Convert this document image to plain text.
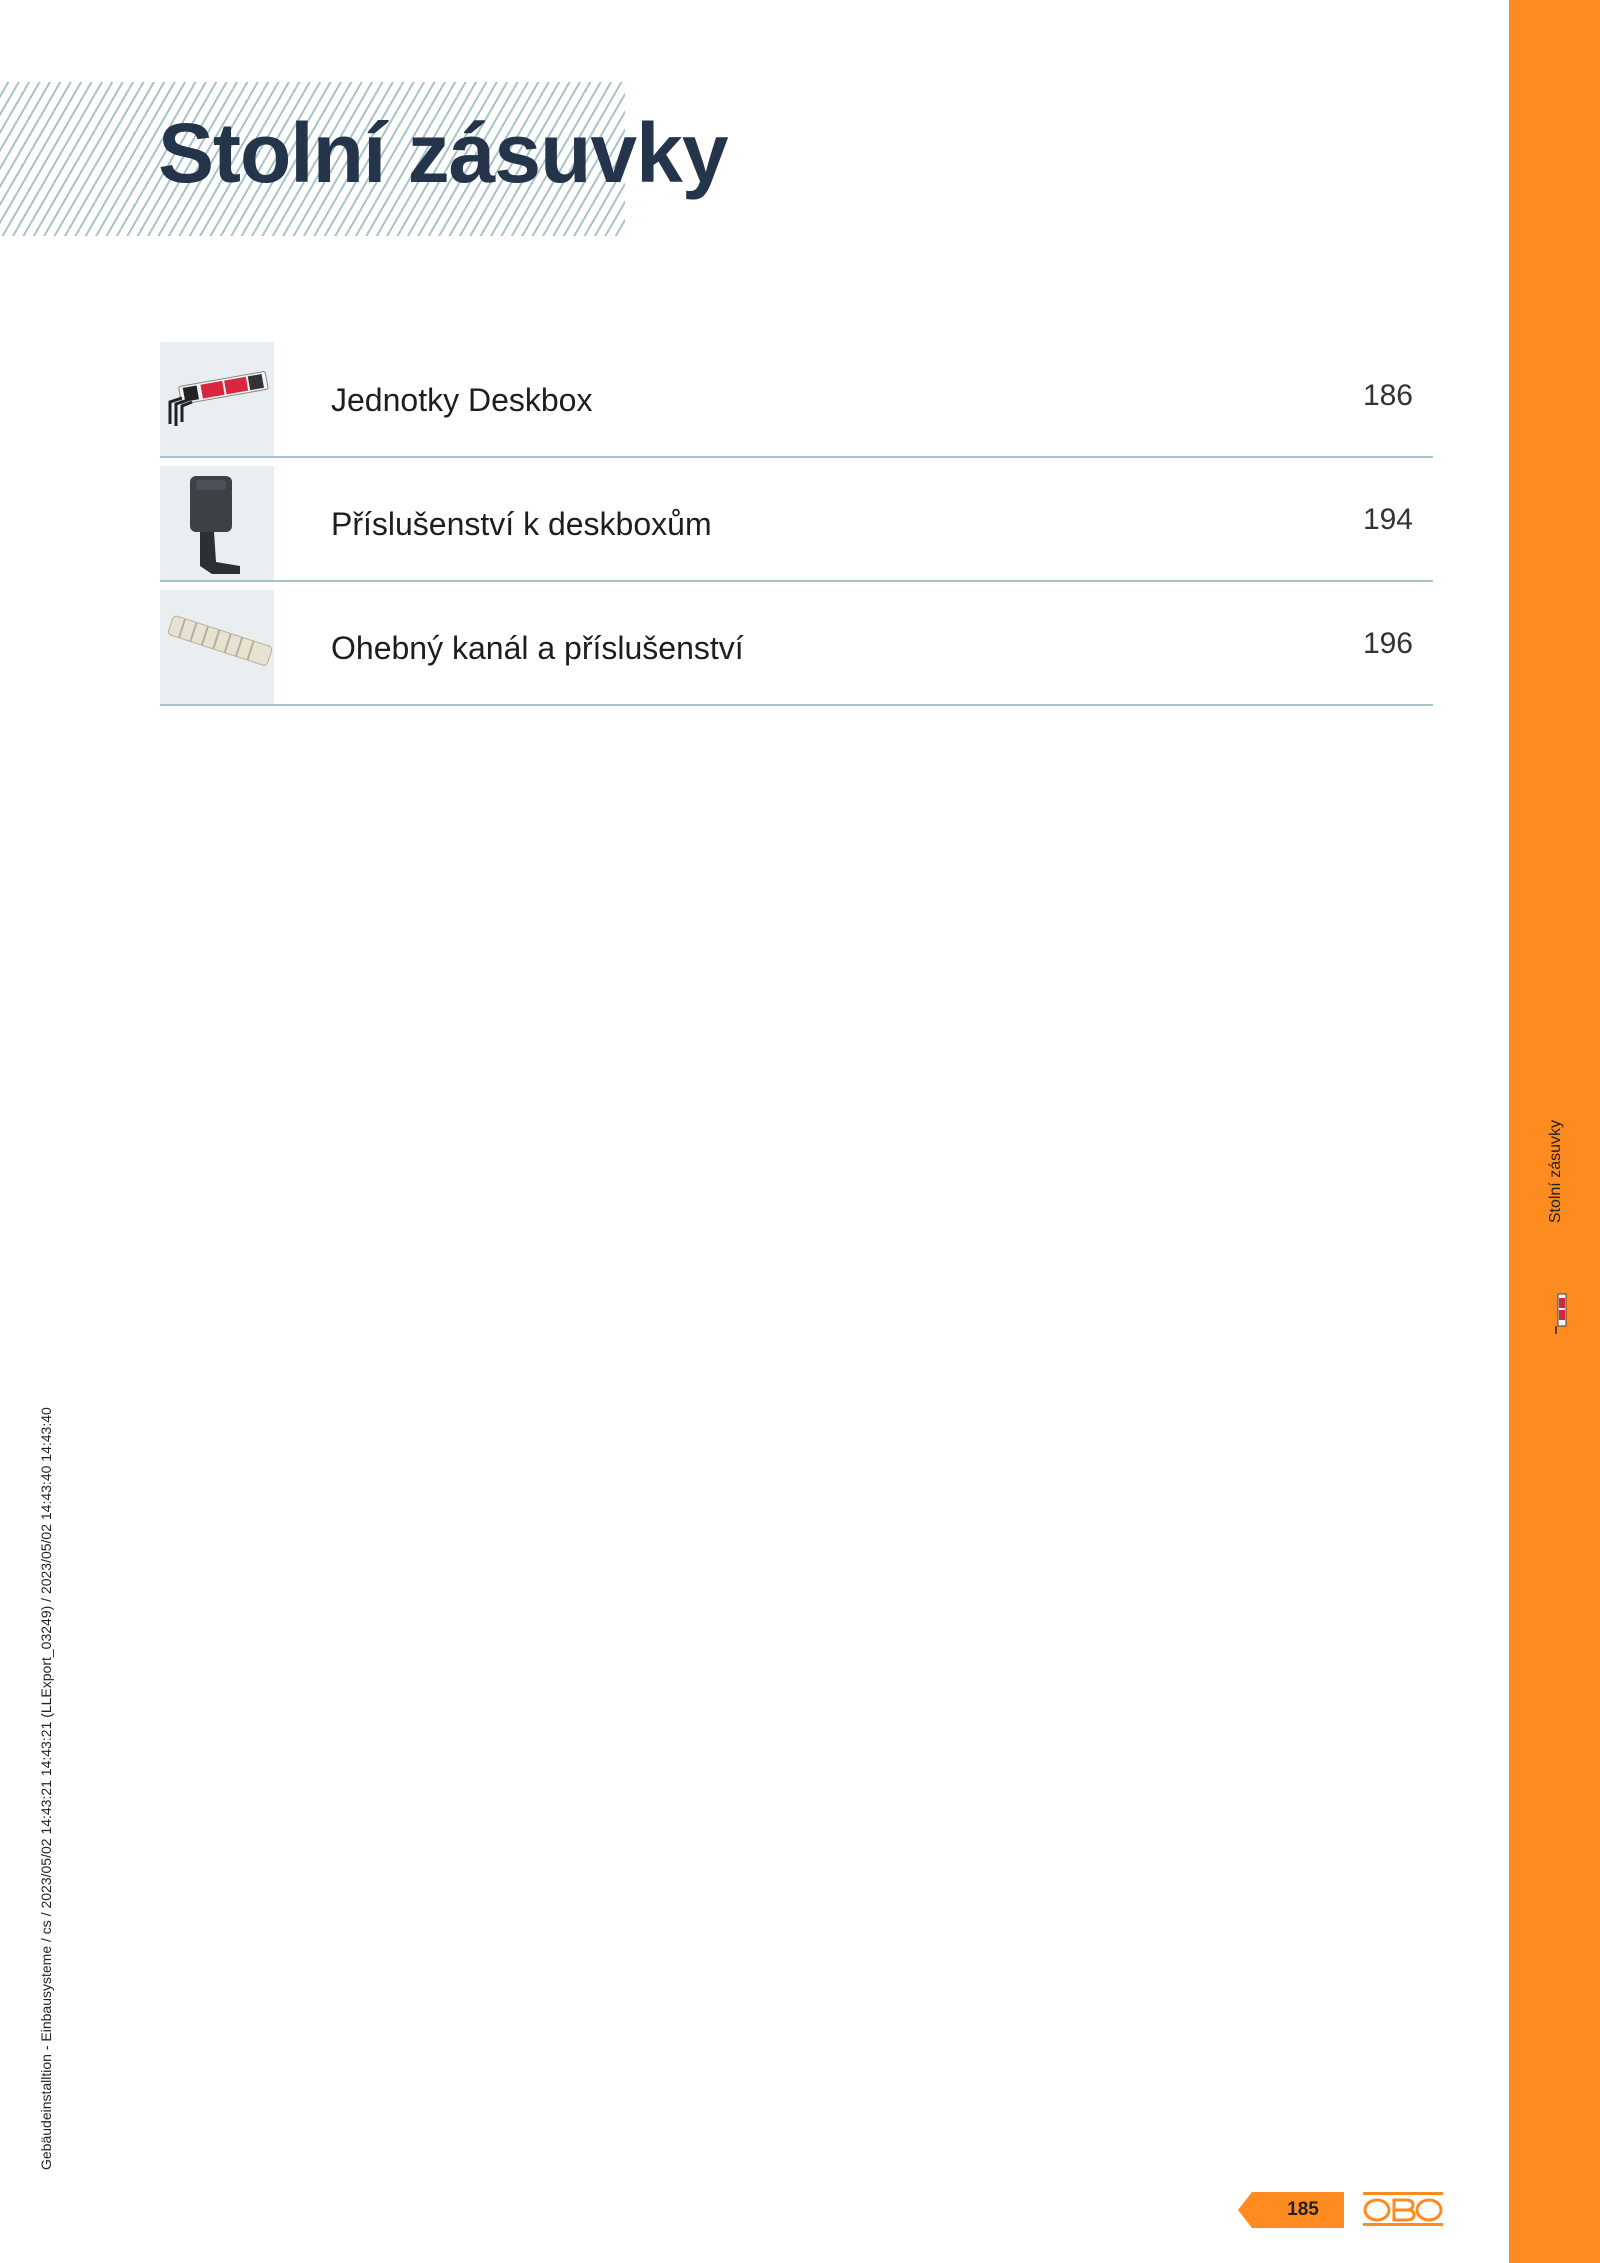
Stolní zásuvky
Jednotky Deskbox	186
Příslušenství k deskboxům	194
Ohebný kanál a příslušenství	196
Stolní zásuvky
Gebäudeinstalltion - Einbausysteme / cs / 2023/05/02 14:43:21 14:43:21 (LLExport_03249) / 2023/05/02 14:43:40 14:43:40
185
